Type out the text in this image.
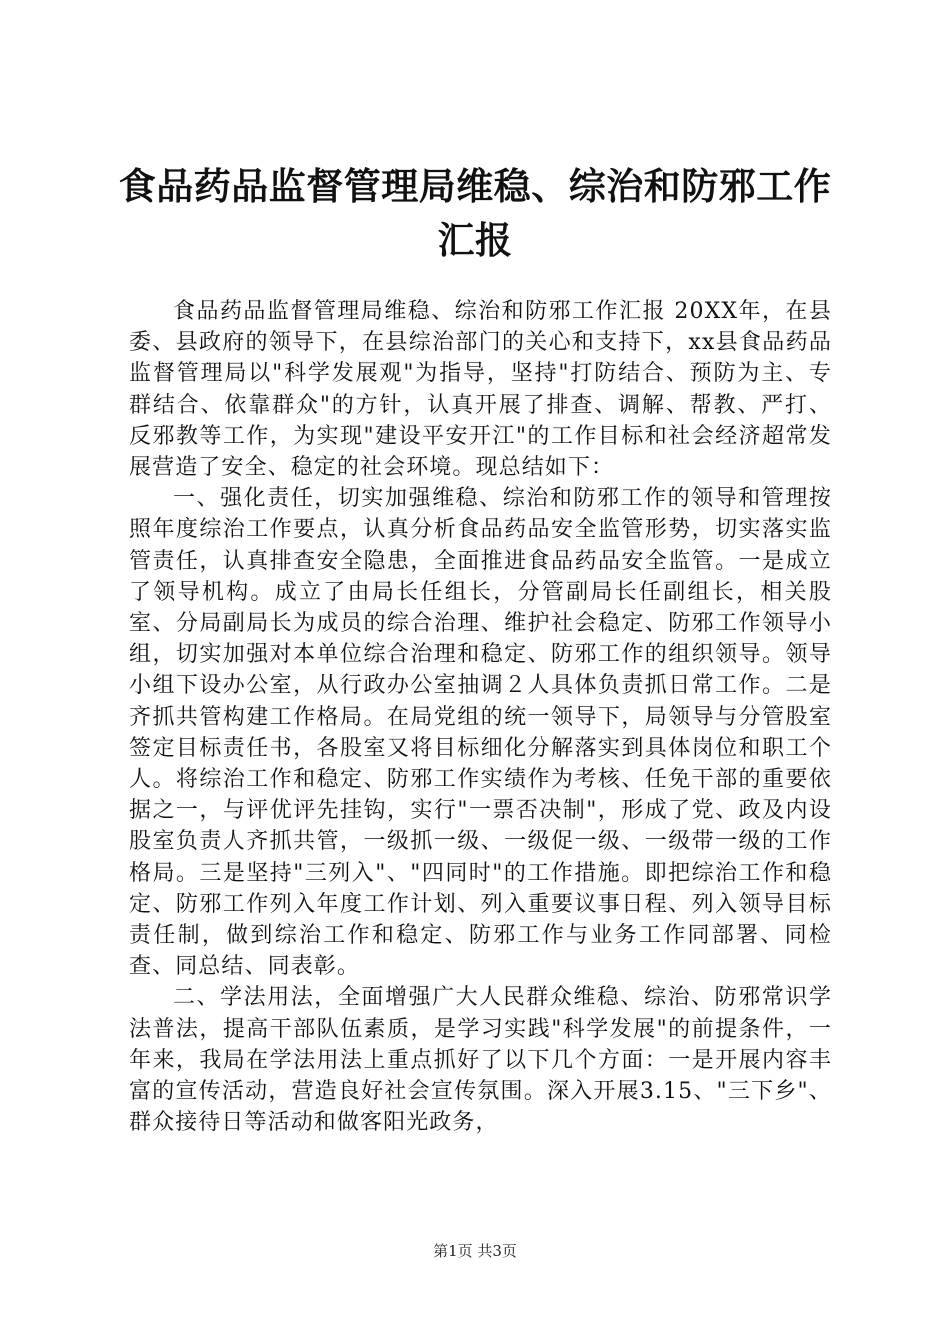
食品药品监督管理局维稳、综治和防邪工作汇报

食品药品监督管理局维稳、综治和防邪工作汇报 20XX年，在县委、县政府的领导下，在县综治部门的关心和支持下，xx县食品药品监督管理局以"科学发展观"为指导，坚持"打防结合、预防为主、专群结合、依靠群众"的方针，认真开展了排查、调解、帮教、严打、反邪教等工作，为实现"建设平安开江"的工作目标和社会经济超常发展营造了安全、稳定的社会环境。现总结如下：

一、强化责任，切实加强维稳、综治和防邪工作的领导和管理按照年度综治工作要点，认真分析食品药品安全监管形势，切实落实监管责任，认真排查安全隐患，全面推进食品药品安全监管。一是成立了领导机构。成立了由局长任组长，分管副局长任副组长，相关股室、分局副局长为成员的综合治理、维护社会稳定、防邪工作领导小组，切实加强对本单位综合治理和稳定、防邪工作的组织领导。领导小组下设办公室，从行政办公室抽调２人具体负责抓日常工作。二是齐抓共管构建工作格局。在局党组的统一领导下，局领导与分管股室签定目标责任书，各股室又将目标细化分解落实到具体岗位和职工个人。将综治工作和稳定、防邪工作实绩作为考核、任免干部的重要依据之一，与评优评先挂钩，实行"一票否决制"，形成了党、政及内设股室负责人齐抓共管，一级抓一级、一级促一级、一级带一级的工作格局。三是坚持"三列入"、"四同时"的工作措施。即把综治工作和稳定、防邪工作列入年度工作计划、列入重要议事日程、列入领导目标责任制，做到综治工作和稳定、防邪工作与业务工作同部署、同检查、同总结、同表彰。

二、学法用法，全面增强广大人民群众维稳、综治、防邪常识学法普法，提高干部队伍素质，是学习实践"科学发展"的前提条件，一年来，我局在学法用法上重点抓好了以下几个方面：一是开展内容丰富的宣传活动，营造良好社会宣传氛围。深入开展3.15、"三下乡"、群众接待日等活动和做客阳光政务，

第1页 共3页
